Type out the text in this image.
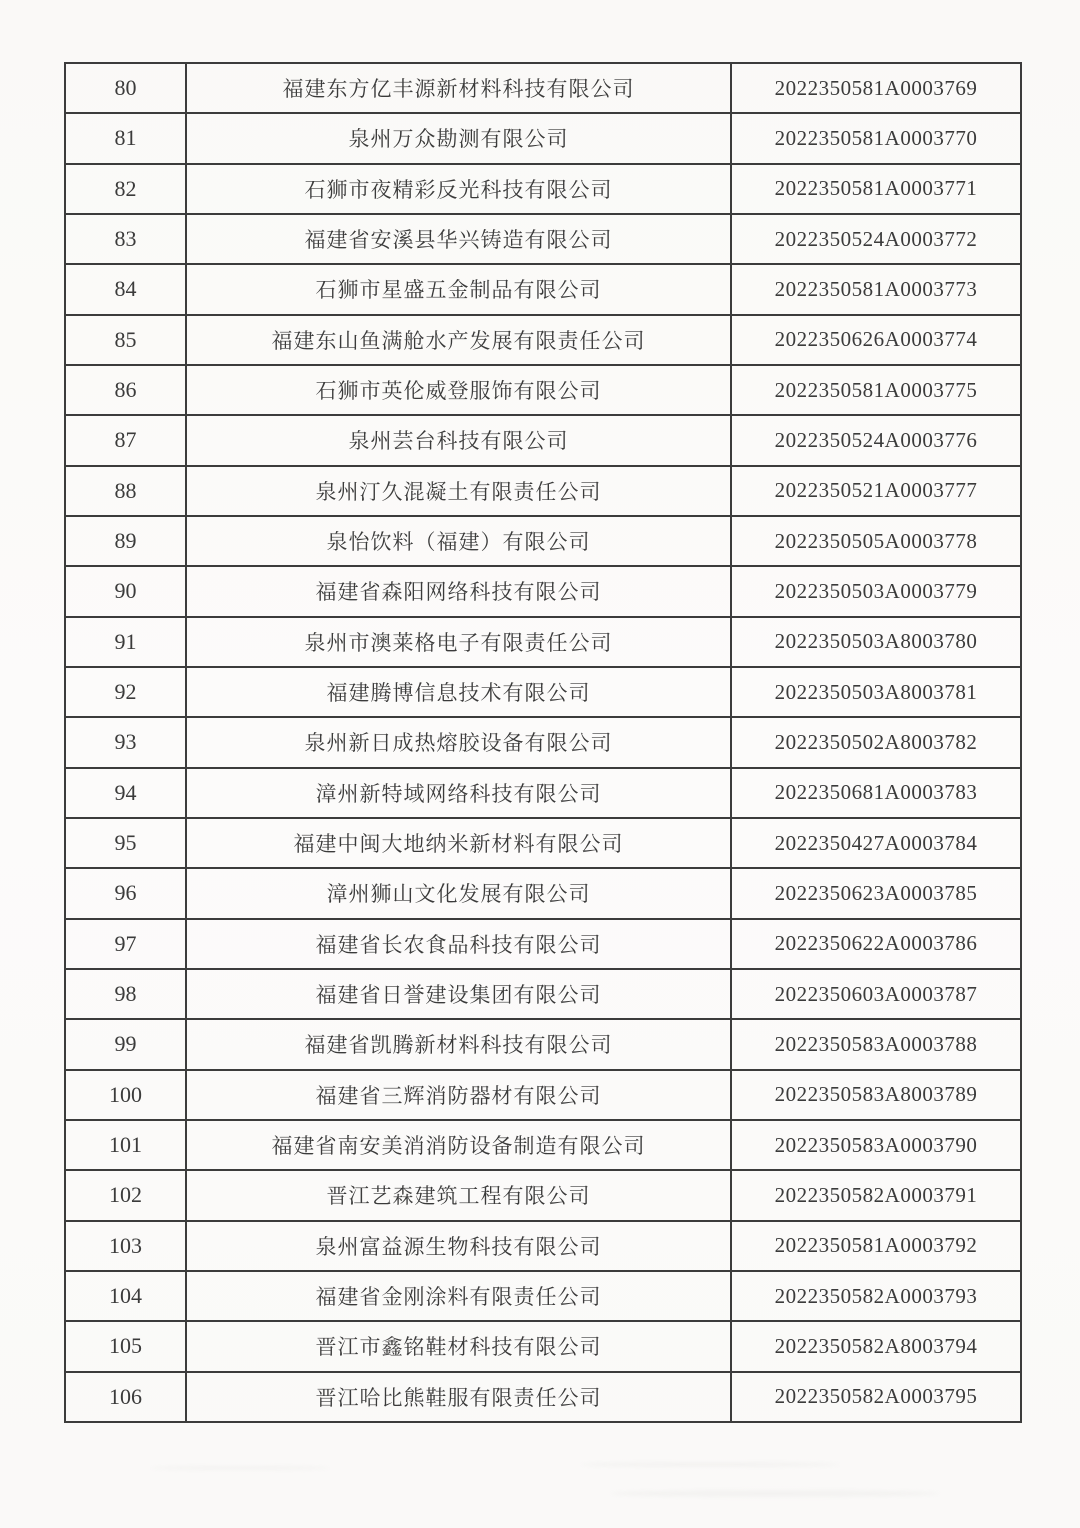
80	福建东方亿丰源新材料科技有限公司	2022350581A0003769
81	泉州万众勘测有限公司	2022350581A0003770
82	石狮市夜精彩反光科技有限公司	2022350581A0003771
83	福建省安溪县华兴铸造有限公司	2022350524A0003772
84	石狮市星盛五金制品有限公司	2022350581A0003773
85	福建东山鱼满舱水产发展有限责任公司	2022350626A0003774
86	石狮市英伦威登服饰有限公司	2022350581A0003775
87	泉州芸台科技有限公司	2022350524A0003776
88	泉州汀久混凝土有限责任公司	2022350521A0003777
89	泉怡饮料（福建）有限公司	2022350505A0003778
90	福建省森阳网络科技有限公司	2022350503A0003779
91	泉州市澳莱格电子有限责任公司	2022350503A8003780
92	福建腾博信息技术有限公司	2022350503A8003781
93	泉州新日成热熔胶设备有限公司	2022350502A8003782
94	漳州新特域网络科技有限公司	2022350681A0003783
95	福建中闽大地纳米新材料有限公司	2022350427A0003784
96	漳州狮山文化发展有限公司	2022350623A0003785
97	福建省长农食品科技有限公司	2022350622A0003786
98	福建省日誉建设集团有限公司	2022350603A0003787
99	福建省凯腾新材料科技有限公司	2022350583A0003788
100	福建省三辉消防器材有限公司	2022350583A8003789
101	福建省南安美消消防设备制造有限公司	2022350583A0003790
102	晋江艺森建筑工程有限公司	2022350582A0003791
103	泉州富益源生物科技有限公司	2022350581A0003792
104	福建省金刚涂料有限责任公司	2022350582A0003793
105	晋江市鑫铭鞋材科技有限公司	2022350582A8003794
106	晋江哈比熊鞋服有限责任公司	2022350582A0003795
